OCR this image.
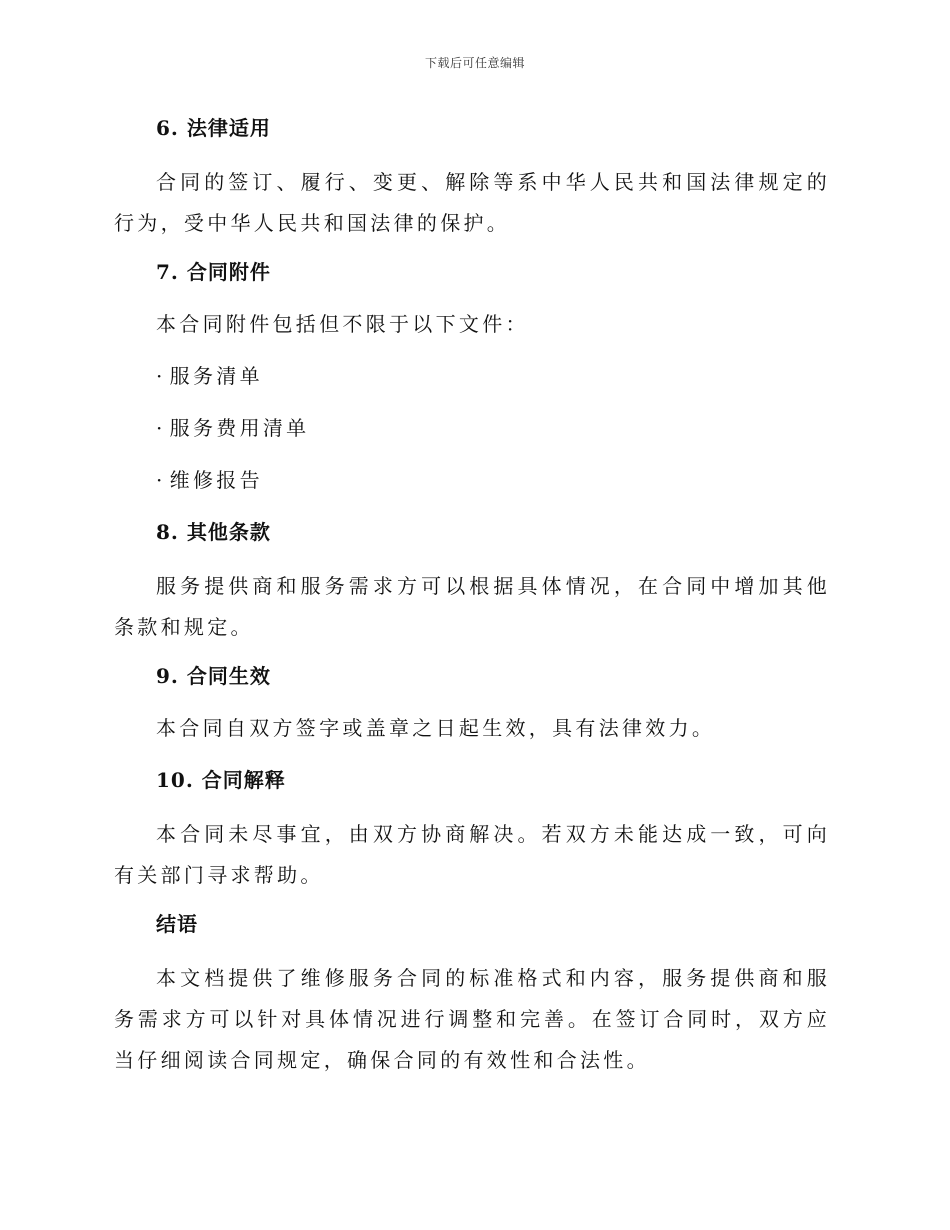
下载后可任意编辑
6. 法律适用

合同的签订、履行、变更、解除等系中华人民共和国法律规定的行为，受中华人民共和国法律的保护。

7. 合同附件

本合同附件包括但不限于以下文件：

· 服务清单
· 服务费用清单
· 维修报告
8. 其他条款

服务提供商和服务需求方可以根据具体情况，在合同中增加其他条款和规定。

9. 合同生效

本合同自双方签字或盖章之日起生效，具有法律效力。

10. 合同解释

本合同未尽事宜，由双方协商解决。若双方未能达成一致，可向有关部门寻求帮助。

结语

本文档提供了维修服务合同的标准格式和内容，服务提供商和服务需求方可以针对具体情况进行调整和完善。在签订合同时，双方应当仔细阅读合同规定，确保合同的有效性和合法性。
